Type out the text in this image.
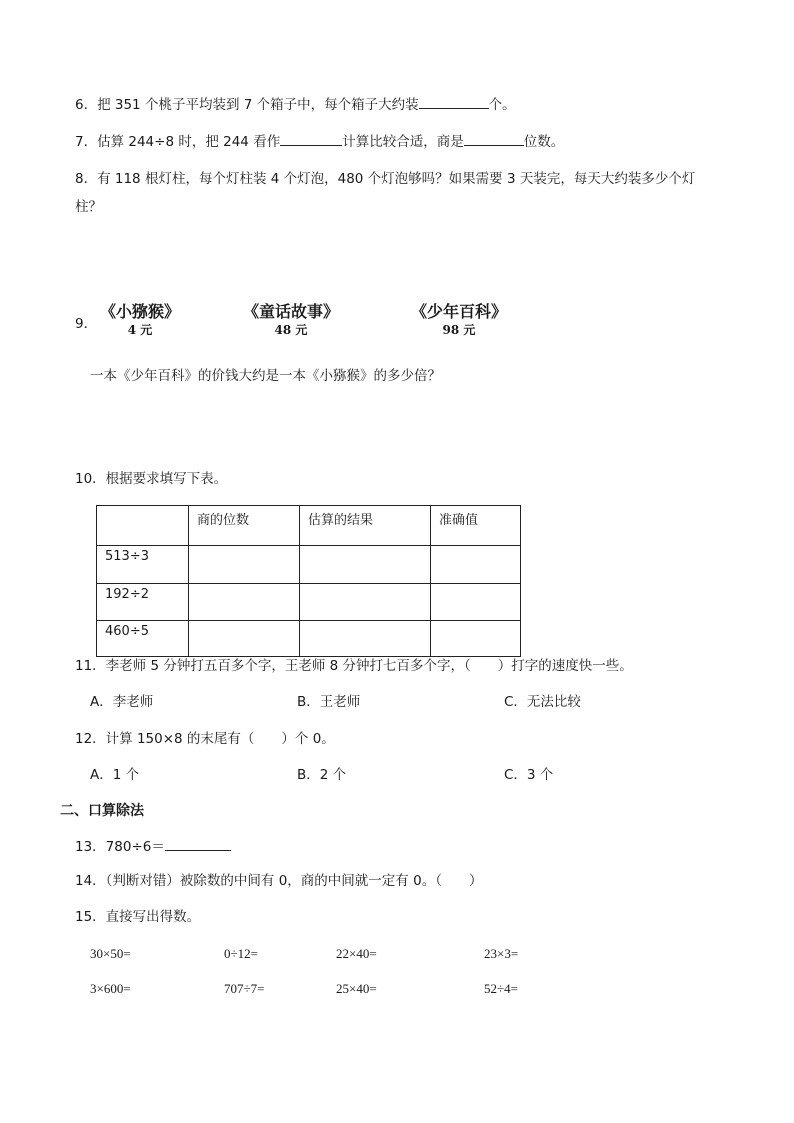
6．把 351 个桃子平均装到 7 个箱子中，每个箱子大约装	个。
7．估算 244÷8 时，把 244 看作	计算比较合适，商是	位数。
8．有 118 根灯柱，每个灯柱装 4 个灯泡，480 个灯泡够吗？如果需要 3 天装完，每天大约装多少个灯
柱？
9．
《小猕猴》
4 元
《童话故事》
48 元
《少年百科》
98 元
一本《少年百科》的价钱大约是一本《小猕猴》的多少倍？
10．根据要求填写下表。
	商的位数	估算的结果	准确值
513÷3			
192÷2			
460÷5			
11．李老师 5 分钟打五百多个字，王老师 8 分钟打七百多个字，（　　）打字的速度快一些。
A．李老师	B．王老师	C．无法比较
12．计算 150×8 的末尾有（　　）个 0。
A．1 个	B．2 个	C．3 个
二、口算除法
13．780÷6＝
14．（判断对错）被除数的中间有 0，商的中间就一定有 0。（　　）
15．直接写出得数。
30×50=	0÷12=	22×40=	23×3=
3×600=	707÷7=	25×40=	52÷4=
